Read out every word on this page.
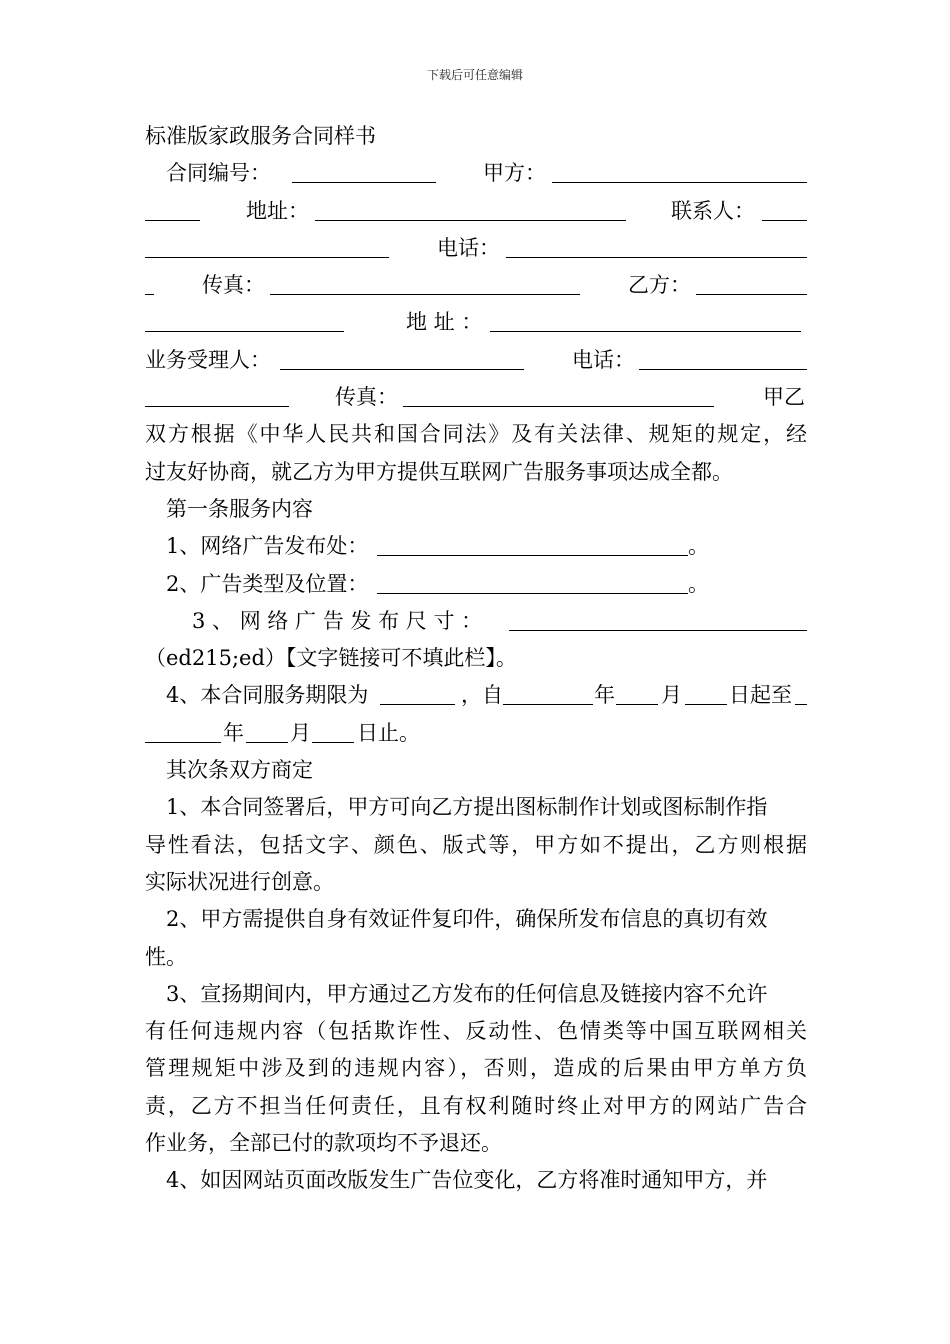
下载后可任意编辑
标准版家政服务合同样书
合同编号：	甲方：
地址：	联系人：
电话：
传真：	乙方：
地 址 ：
业务受理人：	电话：
传真：	甲乙
双方根据《中华人民共和国合同法》及有关法律、规矩的规定，经
过友好协商，就乙方为甲方提供互联网广告服务事项达成全都。
第一条服务内容
1、网络广告发布处：	。
2、广告类型及位置：	。
3 、 网 络 广 告 发 布 尺 寸 ：
（ed215;ed）【文字链接可不填此栏】。
4、本合同服务期限为	，自	年 月 日起至
年 月 日止。
其次条双方商定
1、本合同签署后，甲方可向乙方提出图标制作计划或图标制作指
导性看法，包括文字、颜色、版式等，甲方如不提出，乙方则根据
实际状况进行创意。
2、甲方需提供自身有效证件复印件，确保所发布信息的真切有效
性。
3、宣扬期间内，甲方通过乙方发布的任何信息及链接内容不允许
有任何违规内容（包括欺诈性、反动性、色情类等中国互联网相关
管理规矩中涉及到的违规内容），否则，造成的后果由甲方单方负
责，乙方不担当任何责任，且有权利随时终止对甲方的网站广告合
作业务，全部已付的款项均不予退还。
4、如因网站页面改版发生广告位变化，乙方将准时通知甲方，并
